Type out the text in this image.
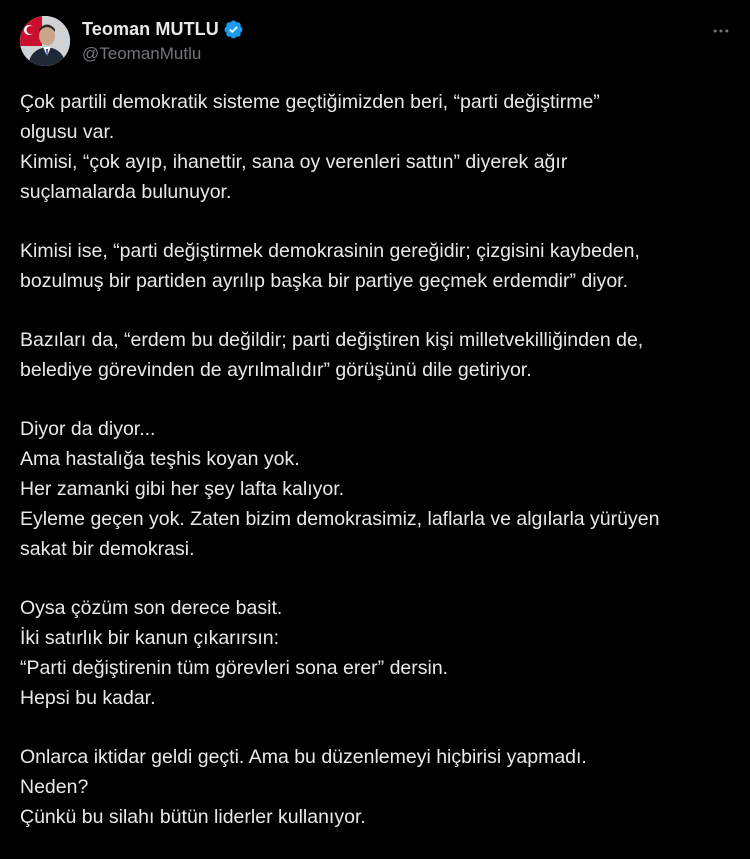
Teoman MUTLU
@TeomanMutlu
Çok partili demokratik sisteme geçtiğimizden beri, “parti değiştirme”
olgusu var.
Kimisi, “çok ayıp, ihanettir, sana oy verenleri sattın” diyerek ağır
suçlamalarda bulunuyor.
Kimisi ise, “parti değiştirmek demokrasinin gereğidir; çizgisini kaybeden,
bozulmuş bir partiden ayrılıp başka bir partiye geçmek erdemdir” diyor.
Bazıları da, “erdem bu değildir; parti değiştiren kişi milletvekilliğinden de,
belediye görevinden de ayrılmalıdır” görüşünü dile getiriyor.
Diyor da diyor...
Ama hastalığa teşhis koyan yok.
Her zamanki gibi her şey lafta kalıyor.
Eyleme geçen yok. Zaten bizim demokrasimiz, laflarla ve algılarla yürüyen
sakat bir demokrasi.
Oysa çözüm son derece basit.
İki satırlık bir kanun çıkarırsın:
“Parti değiştirenin tüm görevleri sona erer” dersin.
Hepsi bu kadar.
Onlarca iktidar geldi geçti. Ama bu düzenlemeyi hiçbirisi yapmadı.
Neden?
Çünkü bu silahı bütün liderler kullanıyor.
